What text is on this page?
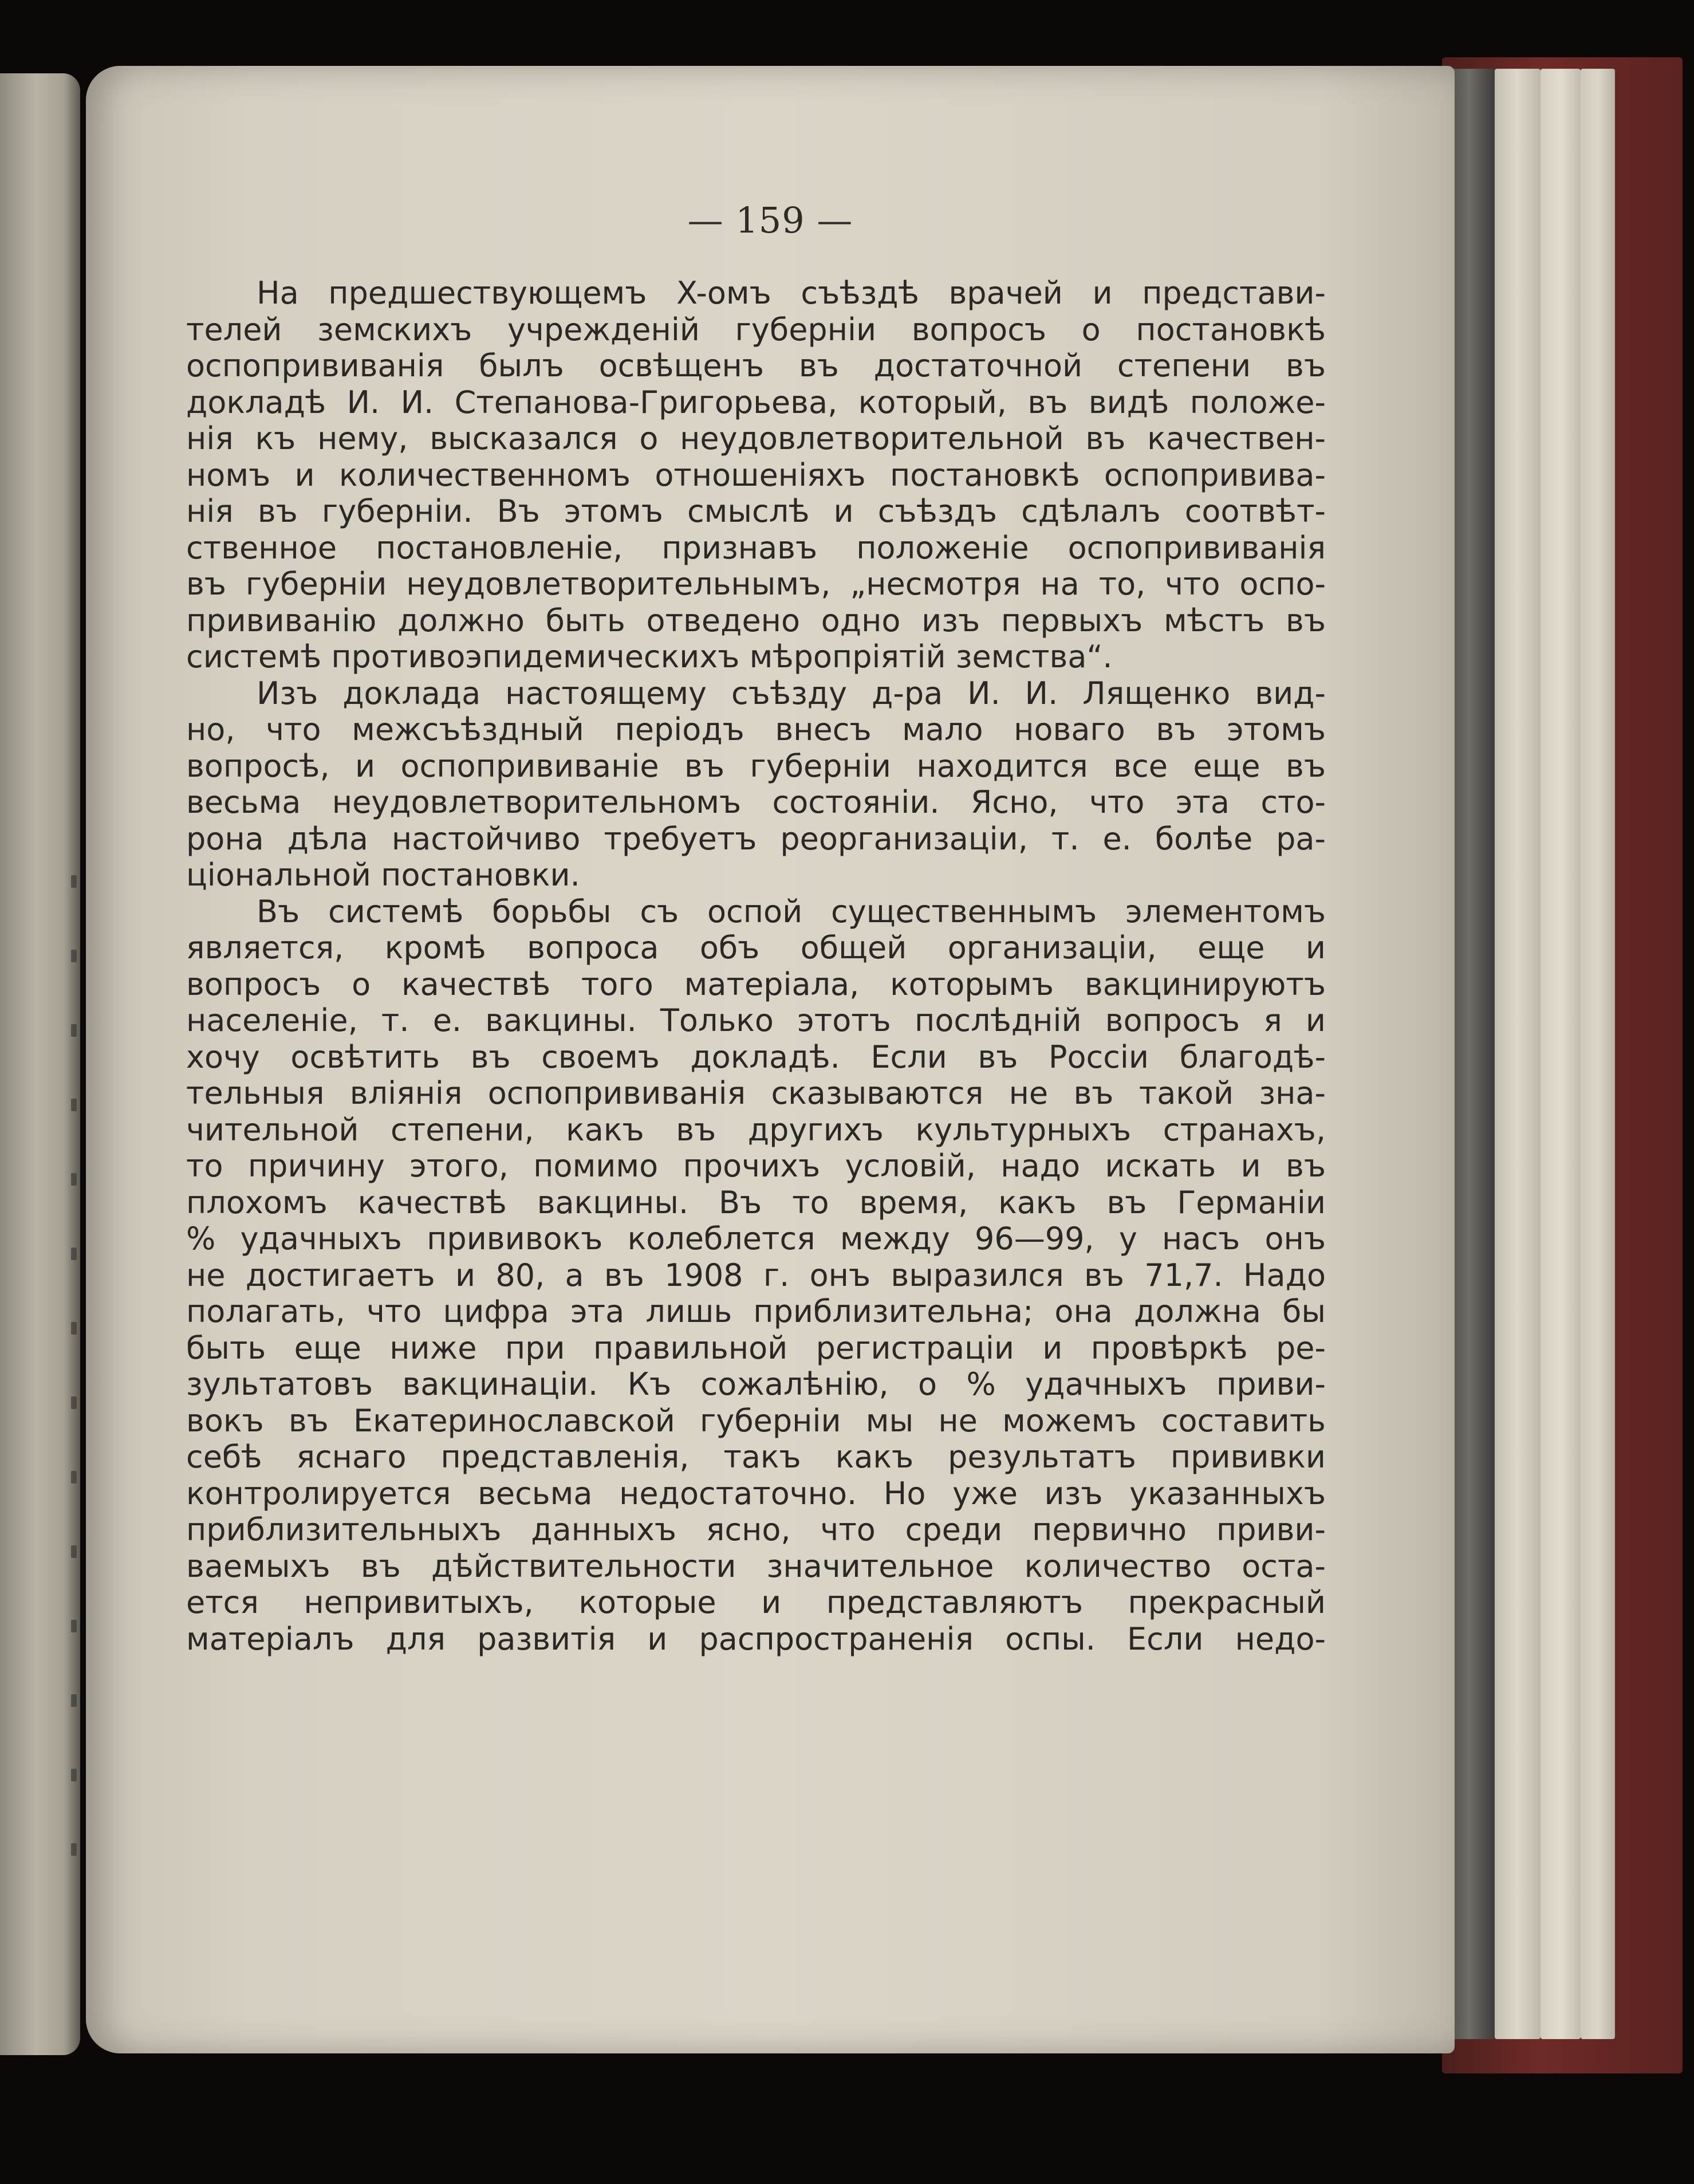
— 159 —
На предшествующемъ X-омъ съѣздѣ врачей и представи-
телей земскихъ учрежденій губерніи вопросъ о постановкѣ
оспопрививанія былъ освѣщенъ въ достаточной степени въ
докладѣ И. И. Степанова-Григорьева, который, въ видѣ положе-
нія къ нему, высказался о неудовлетворительной въ качествен-
номъ и количественномъ отношеніяхъ постановкѣ оспопрививa-
нія въ губерніи. Въ этомъ смыслѣ и съѣздъ сдѣлалъ соотвѣт-
ственное постановленіе, признавъ положеніе оспопрививанія
въ губерніи неудовлетворительнымъ, „несмотря на то, что оспо-
прививанію должно быть отведено одно изъ первыхъ мѣстъ въ
системѣ противоэпидемическихъ мѣропріятій земства“.
Изъ доклада настоящему съѣзду д-ра И. И. Лященко вид-
но, что межсъѣздный періодъ внесъ мало новаго въ этомъ
вопросѣ, и оспопрививаніе въ губерніи находится все еще въ
весьма неудовлетворительномъ состояніи. Ясно, что эта сто-
рона дѣла настойчиво требуетъ реорганизаціи, т. е. болѣе ра-
ціональной постановки.
Въ системѣ борьбы съ оспой существеннымъ элементомъ
является, кромѣ вопроса объ общей организаціи, еще и
вопросъ о качествѣ того матеріала, которымъ вакцинируютъ
населеніе, т. е. вакцины. Только этотъ послѣдній вопросъ я и
хочу освѣтить въ своемъ докладѣ. Если въ Россіи благодѣ-
тельныя вліянія оспопрививанія сказываются не въ такой зна-
чительной степени, какъ въ другихъ культурныхъ странахъ,
то причину этого, помимо прочихъ условій, надо искать и въ
плохомъ качествѣ вакцины. Въ то время, какъ въ Германіи
% удачныхъ прививокъ колеблется между 96—99, у насъ онъ
не достигаетъ и 80, а въ 1908 г. онъ выразился въ 71,7. Надо
полагать, что цифра эта лишь приблизительна; она должна бы
быть еще ниже при правильной регистраціи и провѣркѣ ре-
зультатовъ вакцинаціи. Къ сожалѣнію, о % удачныхъ приви-
вокъ въ Екатеринославской губерніи мы не можемъ составить
себѣ яснаго представленія, такъ какъ результатъ прививки
контролируется весьма недостаточно. Но уже изъ указанныхъ
приблизительныхъ данныхъ ясно, что среди первично приви-
ваемыхъ въ дѣйствительности значительное количество оста-
ется непривитыхъ, которые и представляютъ прекрасный
матеріалъ для развитія и распространенія оспы. Если недо-
